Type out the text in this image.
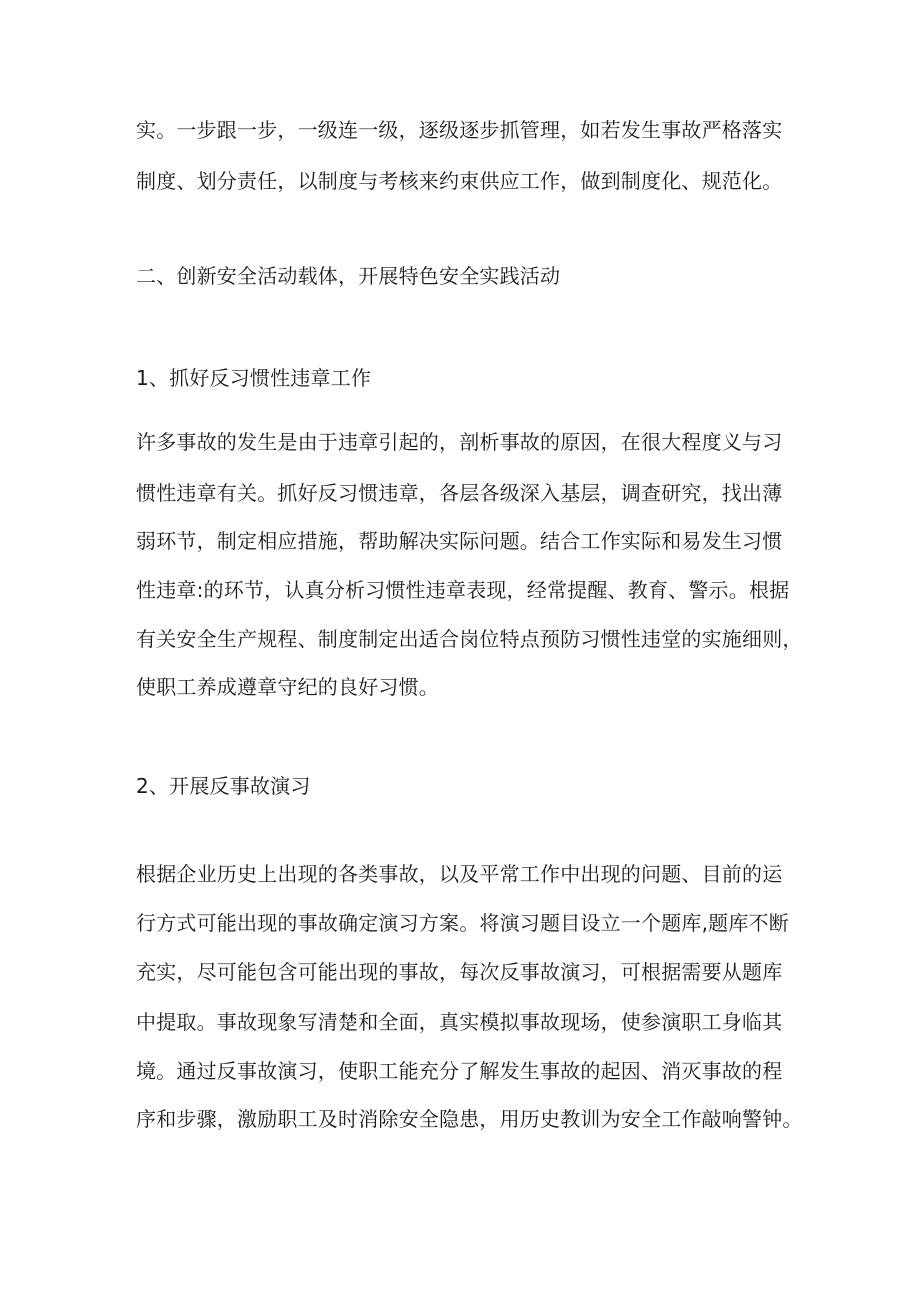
实。一步跟一步，一级连一级，逐级逐步抓管理，如若发生事故严格落实

制度、划分责任，以制度与考核来约束供应工作，做到制度化、规范化。

二、创新安全活动载体，开展特色安全实践活动

1、抓好反习惯性违章工作

许多事故的发生是由于违章引起的，剖析事故的原因，在很大程度义与习

惯性违章有关。抓好反习惯违章，各层各级深入基层，调查研究，找出薄

弱环节，制定相应措施，帮助解决实际问题。结合工作实际和易发生习惯

性违章:的环节，认真分析习惯性违章表现，经常提醒、教育、警示。根据

有关安全生产规程、制度制定出适合岗位特点预防习惯性违堂的实施细则，

使职工养成遵章守纪的良好习惯。

2、开展反事故演习

根据企业历史上出现的各类事故，以及平常工作中出现的问题、目前的运

行方式可能出现的事故确定演习方案。将演习题目设立一个题库,题库不断

充实，尽可能包含可能出现的事故，每次反事故演习，可根据需要从题库

中提取。事故现象写清楚和全面，真实模拟事故现场，使参演职工身临其

境。通过反事故演习，使职工能充分了解发生事故的起因、消灭事故的程

序和步骤，激励职工及时消除安全隐患，用历史教训为安全工作敲响警钟。
